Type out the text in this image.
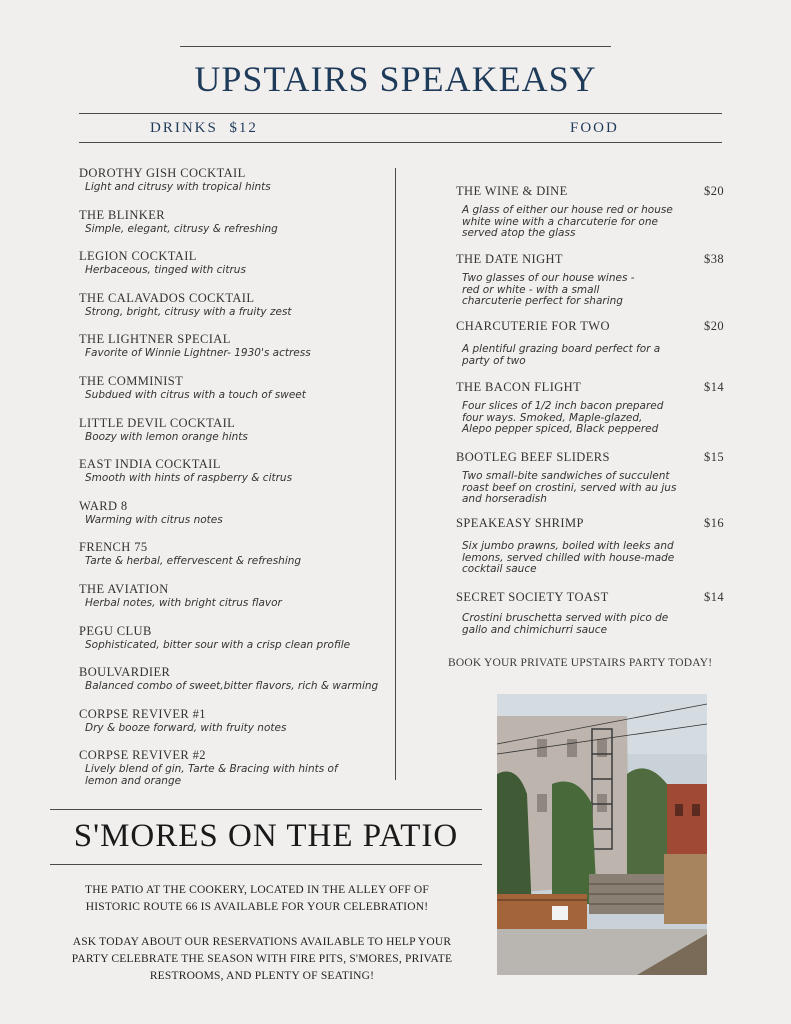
UPSTAIRS SPEAKEASY
DRINKS  $12	FOOD
DOROTHY GISH COCKTAIL
Light and citrusy with tropical hints
THE BLINKER
Simple, elegant, citrusy & refreshing
LEGION COCKTAIL
Herbaceous, tinged with citrus
THE CALAVADOS COCKTAIL
Strong, bright, citrusy with a fruity zest
THE LIGHTNER SPECIAL
Favorite of Winnie Lightner- 1930's actress
THE COMMINIST
Subdued with citrus with a touch of sweet
LITTLE DEVIL COCKTAIL
Boozy with lemon orange hints
EAST INDIA COCKTAIL
Smooth with hints of raspberry & citrus
WARD 8
Warming with citrus notes
FRENCH 75
Tarte & herbal, effervescent & refreshing
THE AVIATION
Herbal notes, with bright citrus flavor
PEGU CLUB
Sophisticated, bitter sour with a crisp clean profile
BOULVARDIER
Balanced combo of sweet,bitter flavors, rich & warming
CORPSE REVIVER #1
Dry & booze forward, with fruity notes
CORPSE REVIVER #2
Lively blend of gin, Tarte & Bracing with hints of lemon and orange
THE WINE & DINE	$20
A glass of either our house red or house white wine with a charcuterie for one served atop the glass
THE DATE NIGHT	$38
Two glasses of our house wines - red or white - with a small charcuterie perfect for sharing
CHARCUTERIE FOR TWO	$20
A plentiful grazing board perfect for a party of two
THE BACON FLIGHT	$14
Four slices of 1/2 inch bacon prepared four ways. Smoked, Maple-glazed, Alepo pepper spiced, Black peppered
BOOTLEG BEEF SLIDERS	$15
Two small-bite sandwiches of succulent roast beef on crostini, served with au jus and horseradish
SPEAKEASY SHRIMP	$16
Six jumbo prawns, boiled with leeks and lemons, served chilled with house-made cocktail sauce
SECRET SOCIETY TOAST	$14
Crostini bruschetta served with pico de gallo and chimichurri sauce
BOOK YOUR PRIVATE UPSTAIRS PARTY TODAY!
S'MORES ON THE PATIO
THE PATIO AT THE COOKERY, LOCATED IN THE ALLEY OFF OF HISTORIC ROUTE 66 IS AVAILABLE FOR YOUR CELEBRATION!
ASK TODAY ABOUT OUR RESERVATIONS AVAILABLE TO HELP YOUR PARTY CELEBRATE THE SEASON WITH FIRE PITS, S'MORES, PRIVATE RESTROOMS, AND PLENTY OF SEATING!
